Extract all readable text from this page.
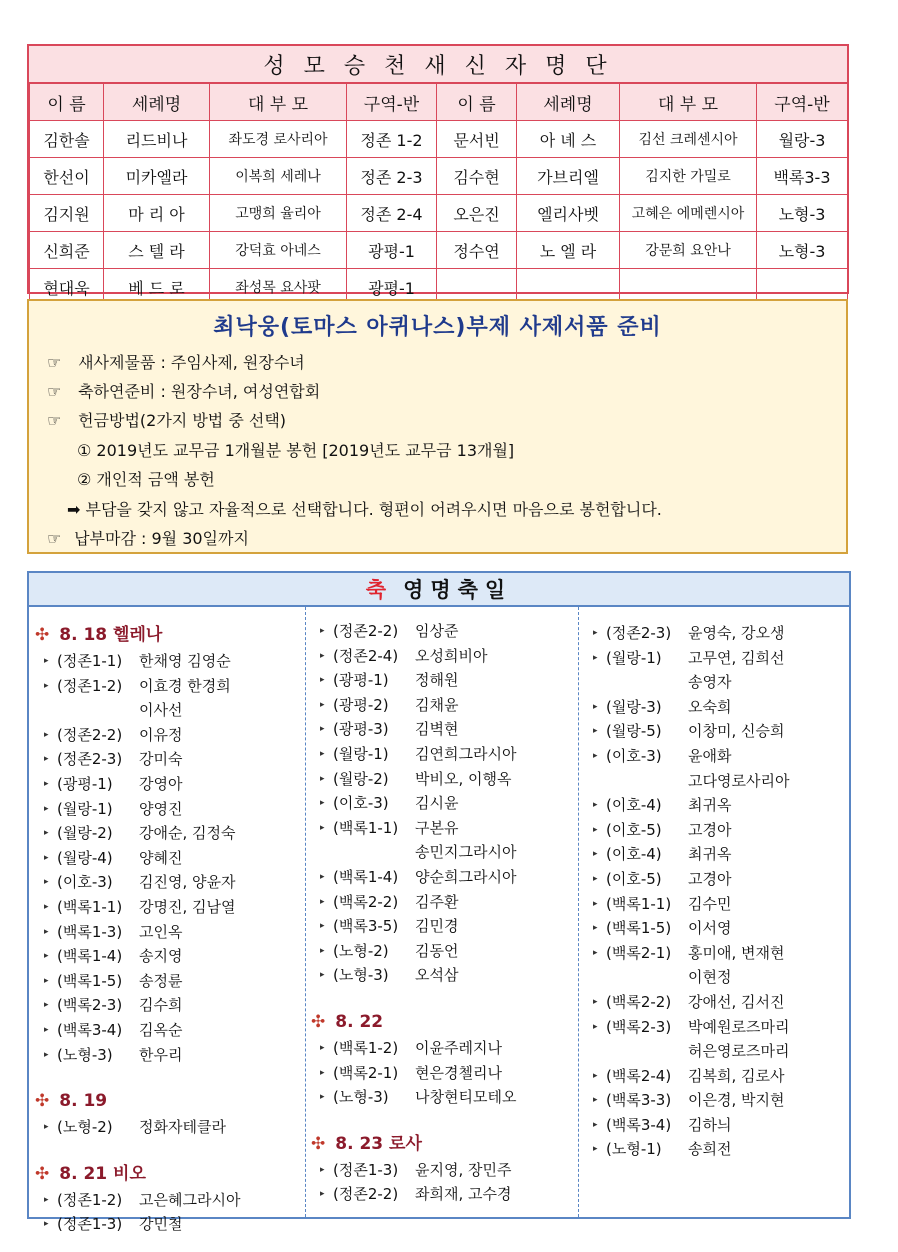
성 모 승 천 새 신 자 명 단
이 름	세례명	대 부 모	구역-반	이 름	세례명	대 부 모	구역-반
김한솔	리드비나	좌도경 로사리아	정존 1-2	문서빈	아 녜 스	김선 크레센시아	월랑-3
한선이	미카엘라	이복희 세레나	정존 2-3	김수현	가브리엘	김지한 가밀로	백록3-3
김지원	마 리 아	고맹희 율리아	정존 2-4	오은진	엘리사벳	고혜은 에메렌시아	노형-3
신희준	스 텔 라	강덕효 아네스	광평-1	정수연	노 엘 라	강문희 요안나	노형-3
현대욱	베 드 로	좌성목 요사팟	광평-1				
최낙웅(토마스 아퀴나스)부제 사제서품 준비
☞ 새사제물품 : 주임사제, 원장수녀
☞ 축하연준비 : 원장수녀, 여성연합회
☞ 헌금방법(2가지 방법 중 선택)
① 2019년도 교무금 1개월분 봉헌 [2019년도 교무금 13개월]
② 개인적 금액 봉헌
➡ 부담을 갖지 않고 자율적으로 선택합니다. 형편이 어려우시면 마음으로 봉헌합니다.
☞ 납부마감 : 9월 30일까지
축 영명축일
✣ 8. 18 헬레나
▸ (정존1-1) 한채영 김영순
▸ (정존1-2) 이효경 한경희
이사선
▸ (정존2-2) 이유정
▸ (정존2-3) 강미숙
▸ (광평-1) 강영아
▸ (월랑-1) 양영진
▸ (월랑-2) 강애순, 김정숙
▸ (월랑-4) 양혜진
▸ (이호-3) 김진영, 양윤자
▸ (백록1-1) 강명진, 김남열
▸ (백록1-3) 고인옥
▸ (백록1-4) 송지영
▸ (백록1-5) 송정륜
▸ (백록2-3) 김수희
▸ (백록3-4) 김옥순
▸ (노형-3) 한우리
✣ 8. 19
▸ (노형-2) 정화자테클라
✣ 8. 21 비오
▸ (정존1-2) 고은혜그라시아
▸ (정존1-3) 강민철
▸ (정존2-2) 임상준
▸ (정존2-4) 오성희비아
▸ (광평-1) 정해원
▸ (광평-2) 김채윤
▸ (광평-3) 김벽현
▸ (월랑-1) 김연희그라시아
▸ (월랑-2) 박비오, 이행옥
▸ (이호-3) 김시윤
▸ (백록1-1) 구본유
송민지그라시아
▸ (백록1-4) 양순희그라시아
▸ (백록2-2) 김주환
▸ (백록3-5) 김민경
▸ (노형-2) 김동언
▸ (노형-3) 오석삼
✣ 8. 22
▸ (백록1-2) 이윤주레지나
▸ (백록2-1) 현은경첼리나
▸ (노형-3) 나창현티모테오
✣ 8. 23 로사
▸ (정존1-3) 윤지영, 장민주
▸ (정존2-2) 좌희재, 고수경
▸ (정존2-3) 윤영숙, 강오생
▸ (월랑-1) 고무연, 김희선
송영자
▸ (월랑-3) 오숙희
▸ (월랑-5) 이창미, 신승희
▸ (이호-3) 윤애화
고다영로사리아
▸ (이호-4) 최귀옥
▸ (이호-5) 고경아
▸ (이호-4) 최귀옥
▸ (이호-5) 고경아
▸ (백록1-1) 김수민
▸ (백록1-5) 이서영
▸ (백록2-1) 홍미애, 변재현
이현정
▸ (백록2-2) 강애선, 김서진
▸ (백록2-3) 박예원로즈마리
허은영로즈마리
▸ (백록2-4) 김복희, 김로사
▸ (백록3-3) 이은경, 박지현
▸ (백록3-4) 김하늬
▸ (노형-1) 송희전
